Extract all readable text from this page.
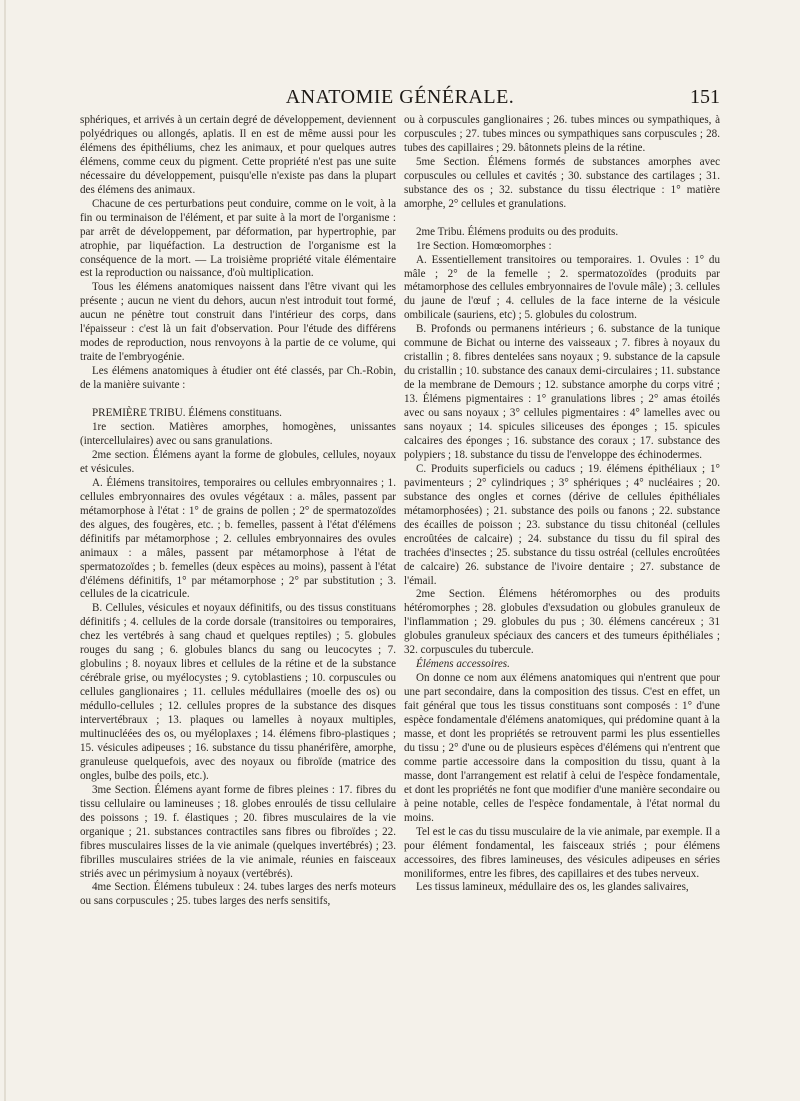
ANATOMIE GÉNÉRALE.	151

sphériques, et arrivés à un certain degré de développement, deviennent polyédriques ou allongés, aplatis. Il en est de même aussi pour les élémens des épithéliums, chez les animaux, et pour quelques autres élémens, comme ceux du pigment. Cette propriété n'est pas une suite nécessaire du développement, puisqu'elle n'existe pas dans la plupart des élémens des animaux.

Chacune de ces perturbations peut conduire, comme on le voit, à la fin ou terminaison de l'élément, et par suite à la mort de l'organisme : par arrêt de développement, par déformation, par hypertrophie, par atrophie, par liquéfaction. La destruction de l'organisme est la conséquence de la mort. — La troisième propriété vitale élémentaire est la reproduction ou naissance, d'où multiplication.

Tous les élémens anatomiques naissent dans l'être vivant qui les présente ; aucun ne vient du dehors, aucun n'est introduit tout formé, aucun ne pénètre tout construit dans l'intérieur des corps, dans l'épaisseur : c'est là un fait d'observation. Pour l'étude des différens modes de reproduction, nous renvoyons à la partie de ce volume, qui traite de l'embryogénie.

Les élémens anatomiques à étudier ont été classés, par Ch.-Robin, de la manière suivante :

PREMIÈRE TRIBU. Élémens constituans.

1re section. Matières amorphes, homogènes, unissantes (intercellulaires) avec ou sans granulations.

2me section. Élémens ayant la forme de globules, cellules, noyaux et vésicules.

A. Élémens transitoires, temporaires ou cellules embryonnaires ; 1. cellules embryonnaires des ovules végétaux : a. mâles, passent par métamorphose à l'état : 1° de grains de pollen ; 2° de spermatozoïdes des algues, des fougères, etc. ; b. femelles, passent à l'état d'élémens définitifs par métamorphose ; 2. cellules embryonnaires des ovules animaux : a mâles, passent par métamorphose à l'état de spermatozoïdes ; b. femelles (deux espèces au moins), passent à l'état d'élémens définitifs, 1° par métamorphose ; 2° par substitution ; 3. cellules de la cicatricule.

B. Cellules, vésicules et noyaux définitifs, ou des tissus constituans définitifs ; 4. cellules de la corde dorsale (transitoires ou temporaires, chez les vertébrés à sang chaud et quelques reptiles) ; 5. globules rouges du sang ; 6. globules blancs du sang ou leucocytes ; 7. globulins ; 8. noyaux libres et cellules de la rétine et de la substance cérébrale grise, ou myélocystes ; 9. cytoblastiens ; 10. corpuscules ou cellules ganglionaires ; 11. cellules médullaires (moelle des os) ou médullo-cellules ; 12. cellules propres de la substance des disques intervertébraux ; 13. plaques ou lamelles à noyaux multiples, multinucléées des os, ou myéloplaxes ; 14. élémens fibro-plastiques ; 15. vésicules adipeuses ; 16. substance du tissu phanérifère, amorphe, granuleuse quelquefois, avec des noyaux ou fibroïde (matrice des ongles, bulbe des poils, etc.).

3me Section. Élémens ayant forme de fibres pleines : 17. fibres du tissu cellulaire ou lamineuses ; 18. globes enroulés de tissu cellulaire des poissons ; 19. f. élastiques ; 20. fibres musculaires de la vie organique ; 21. substances contractiles sans fibres ou fibroïdes ; 22. fibres musculaires lisses de la vie animale (quelques invertébrés) ; 23. fibrilles musculaires striées de la vie animale, réunies en faisceaux striés avec un périmysium à noyaux (vertébrés).

4me Section. Élémens tubuleux : 24. tubes larges des nerfs moteurs ou sans corpuscules ; 25. tubes larges des nerfs sensitifs,

ou à corpuscules ganglionaires ; 26. tubes minces ou sympathiques, à corpuscules ; 27. tubes minces ou sympathiques sans corpuscules ; 28. tubes des capillaires ; 29. bâtonnets pleins de la rétine.

5me Section. Élémens formés de substances amorphes avec corpuscules ou cellules et cavités ; 30. substance des cartilages ; 31. substance des os ; 32. substance du tissu électrique : 1° matière amorphe, 2° cellules et granulations.

2me Tribu. Élémens produits ou des produits.

1re Section. Homœomorphes :

A. Essentiellement transitoires ou temporaires. 1. Ovules : 1° du mâle ; 2° de la femelle ; 2. spermatozoïdes (produits par métamorphose des cellules embryonnaires de l'ovule mâle) ; 3. cellules du jaune de l'œuf ; 4. cellules de la face interne de la vésicule ombilicale (sauriens, etc) ; 5. globules du colostrum.

B. Profonds ou permanens intérieurs ; 6. substance de la tunique commune de Bichat ou interne des vaisseaux ; 7. fibres à noyaux du cristallin ; 8. fibres dentelées sans noyaux ; 9. substance de la capsule du cristallin ; 10. substance des canaux demi-circulaires ; 11. substance de la membrane de Demours ; 12. substance amorphe du corps vitré ; 13. Élémens pigmentaires : 1° granulations libres ; 2° amas étoilés avec ou sans noyaux ; 3° cellules pigmentaires : 4° lamelles avec ou sans noyaux ; 14. spicules siliceuses des éponges ; 15. spicules calcaires des éponges ; 16. substance des coraux ; 17. substance des polypiers ; 18. substance du tissu de l'enveloppe des échinodermes.

C. Produits superficiels ou caducs ; 19. élémens épithéliaux ; 1° pavimenteurs ; 2° cylindriques ; 3° sphériques ; 4° nucléaires ; 20. substance des ongles et cornes (dérive de cellules épithéliales métamorphosées) ; 21. substance des poils ou fanons ; 22. substance des écailles de poisson ; 23. substance du tissu chitonéal (cellules encroûtées de calcaire) ; 24. substance du tissu du fil spiral des trachées d'insectes ; 25. substance du tissu ostréal (cellules encroûtées de calcaire) 26. substance de l'ivoire dentaire ; 27. substance de l'émail.

2me Section. Élémens hétéromorphes ou des produits hétéromorphes ; 28. globules d'exsudation ou globules granuleux de l'inflammation ; 29. globules du pus ; 30. élémens cancéreux ; 31 globules granuleux spéciaux des cancers et des tumeurs épithéliales ; 32. corpuscules du tubercule.

Élémens accessoires.

On donne ce nom aux élémens anatomiques qui n'entrent que pour une part secondaire, dans la composition des tissus. C'est en effet, un fait général que tous les tissus constituans sont composés : 1° d'une espèce fondamentale d'élémens anatomiques, qui prédomine quant à la masse, et dont les propriétés se retrouvent parmi les plus essentielles du tissu ; 2° d'une ou de plusieurs espèces d'élémens qui n'entrent que comme partie accessoire dans la composition du tissu, quant à la masse, dont l'arrangement est relatif à celui de l'espèce fondamentale, et dont les propriétés ne font que modifier d'une manière secondaire ou à peine notable, celles de l'espèce fondamentale, à l'état normal du moins.

Tel est le cas du tissu musculaire de la vie animale, par exemple. Il a pour élément fondamental, les faisceaux striés ; pour élémens accessoires, des fibres lamineuses, des vésicules adipeuses en séries moniliformes, entre les fibres, des capillaires et des tubes nerveux.

Les tissus lamineux, médullaire des os, les glandes salivaires,
